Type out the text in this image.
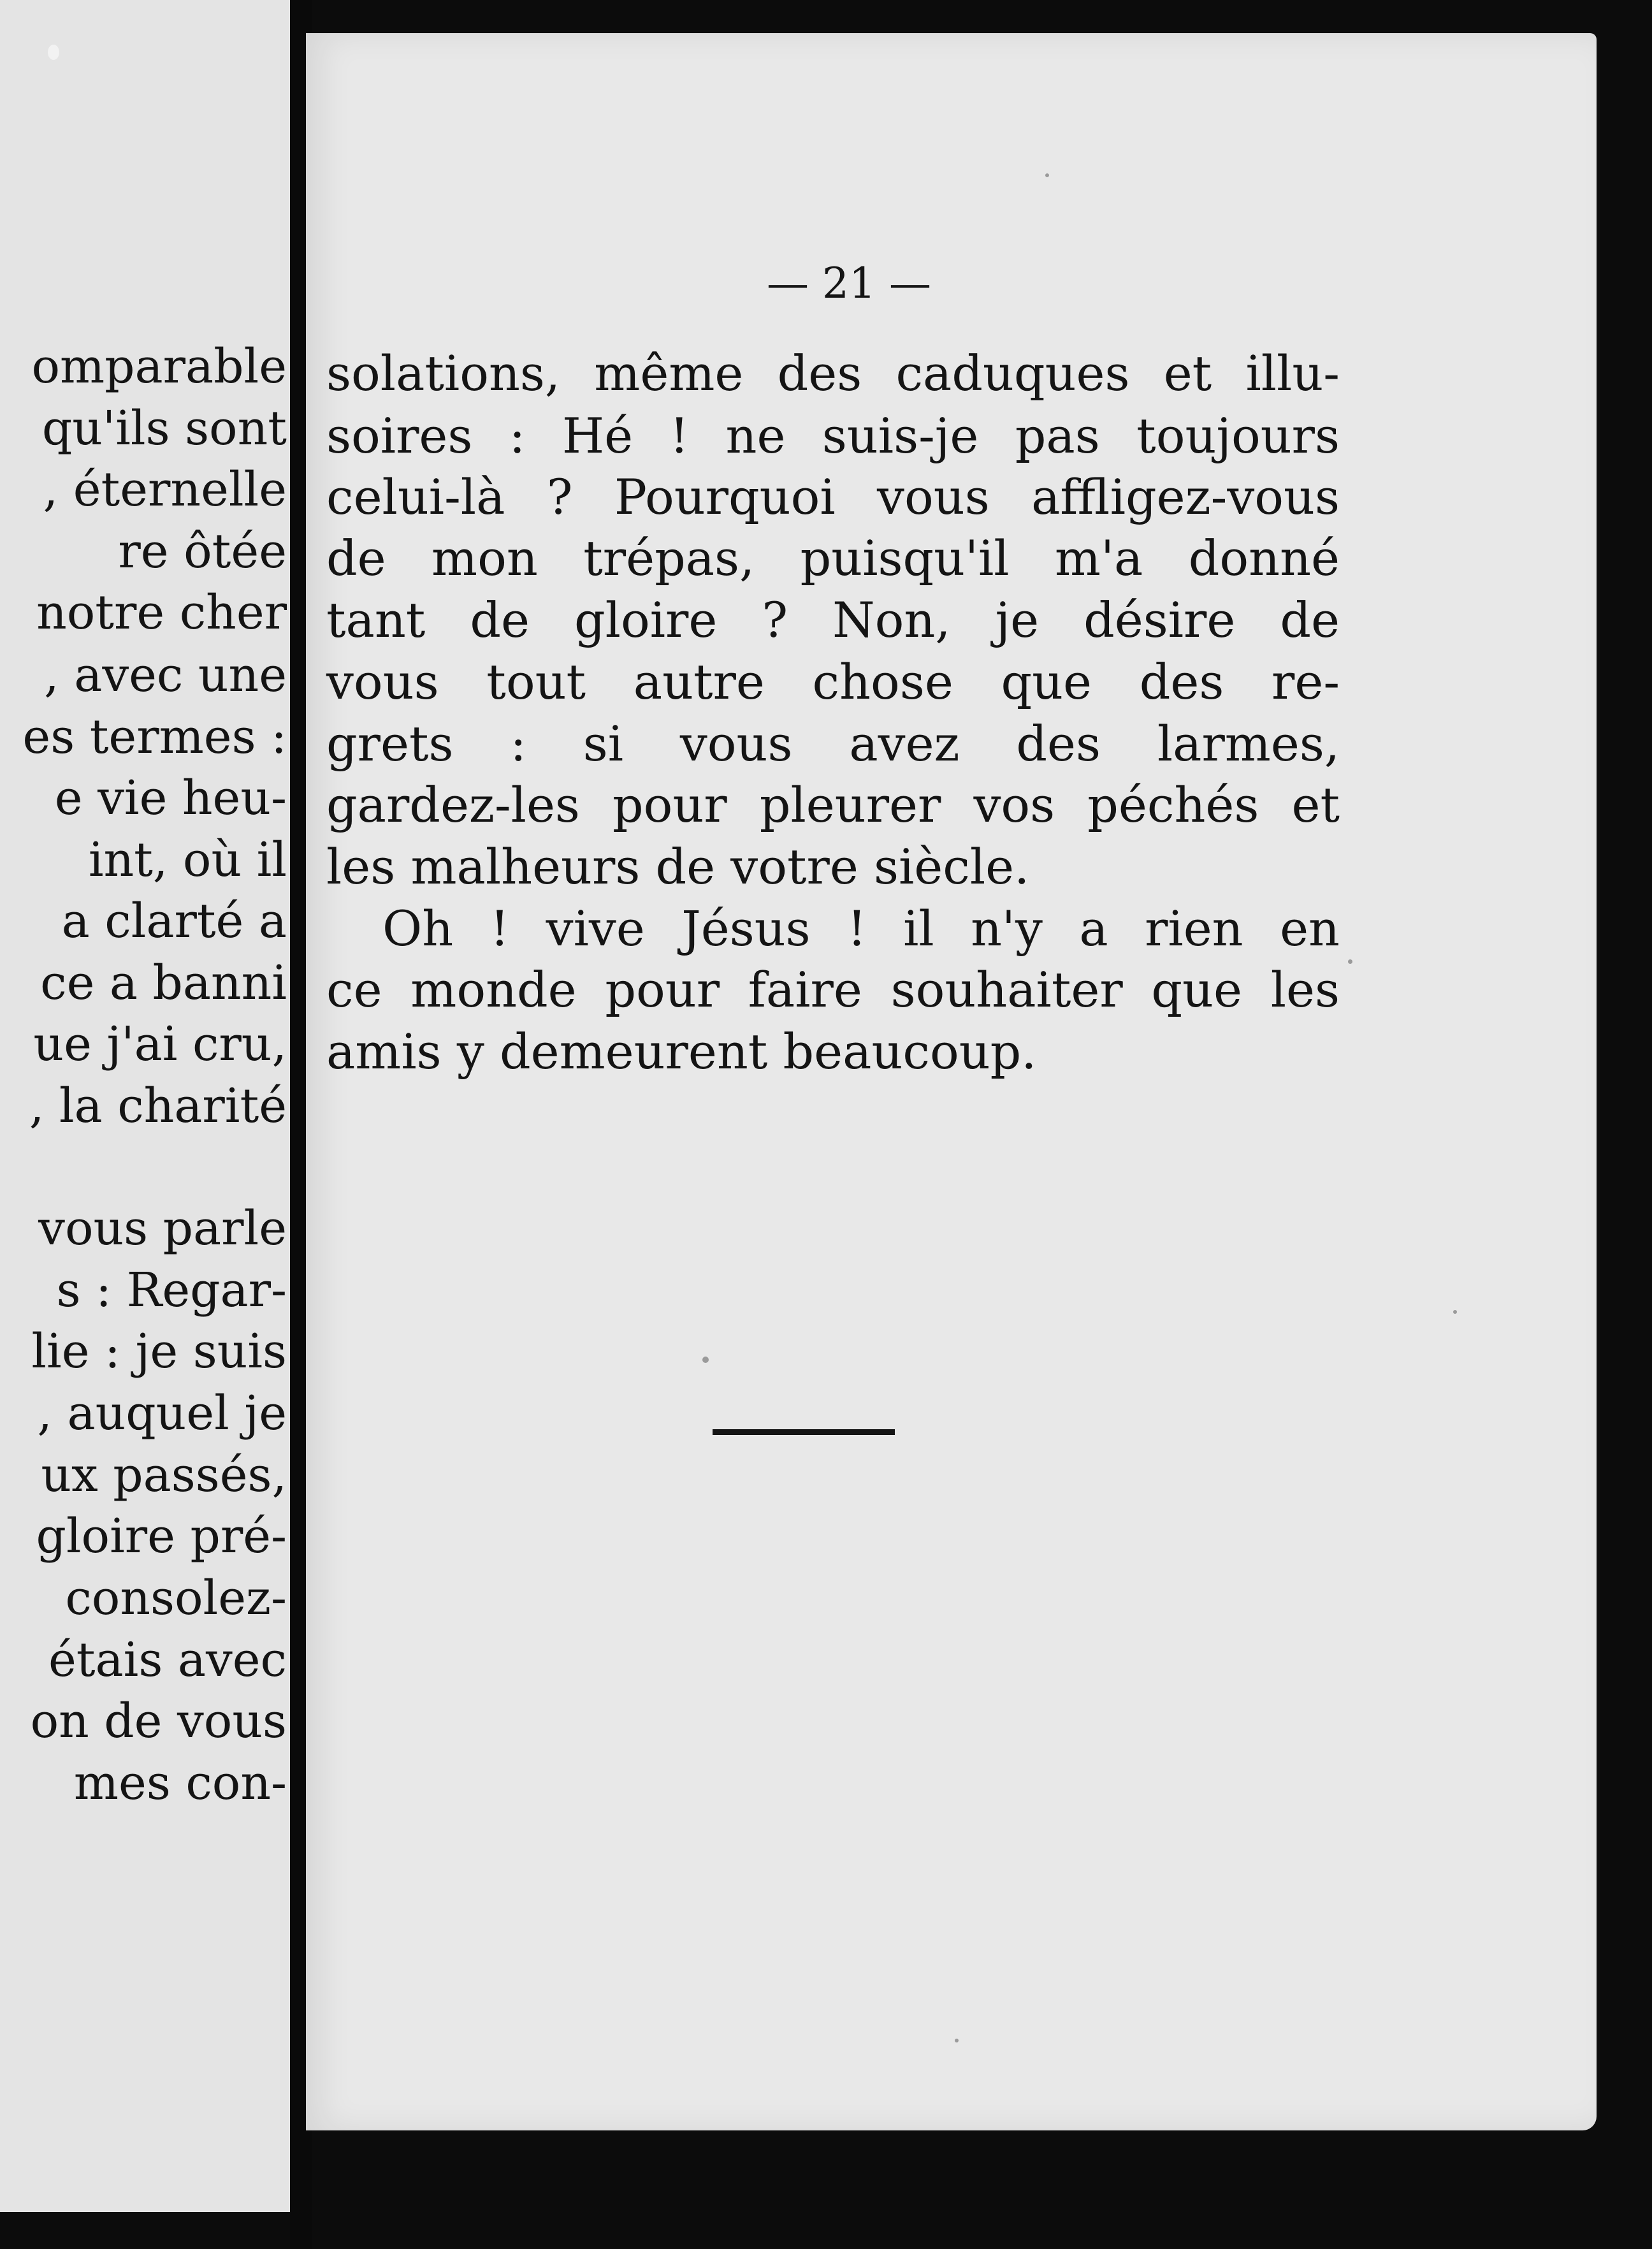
omparable

qu'ils sont

, éternelle

re ôtée

notre cher

, avec une

es termes :

e vie heu-

int, où il

a clarté a

ce a banni

ue j'ai cru,

, la charité

vous parle

s : Regar-

lie : je suis

, auquel je

ux passés,

gloire pré-

consolez-

étais avec

on de vous

mes con-

— 21 —

solations, même des caduques et illu-

soires : Hé ! ne suis-je pas toujours

celui-là ? Pourquoi vous affligez-vous

de mon trépas, puisqu'il m'a donné

tant de gloire ? Non, je désire de

vous tout autre chose que des re-

grets : si vous avez des larmes,

gardez-les pour pleurer vos péchés et

les malheurs de votre siècle.

Oh ! vive Jésus ! il n'y a rien en

ce monde pour faire souhaiter que les

amis y demeurent beaucoup.
